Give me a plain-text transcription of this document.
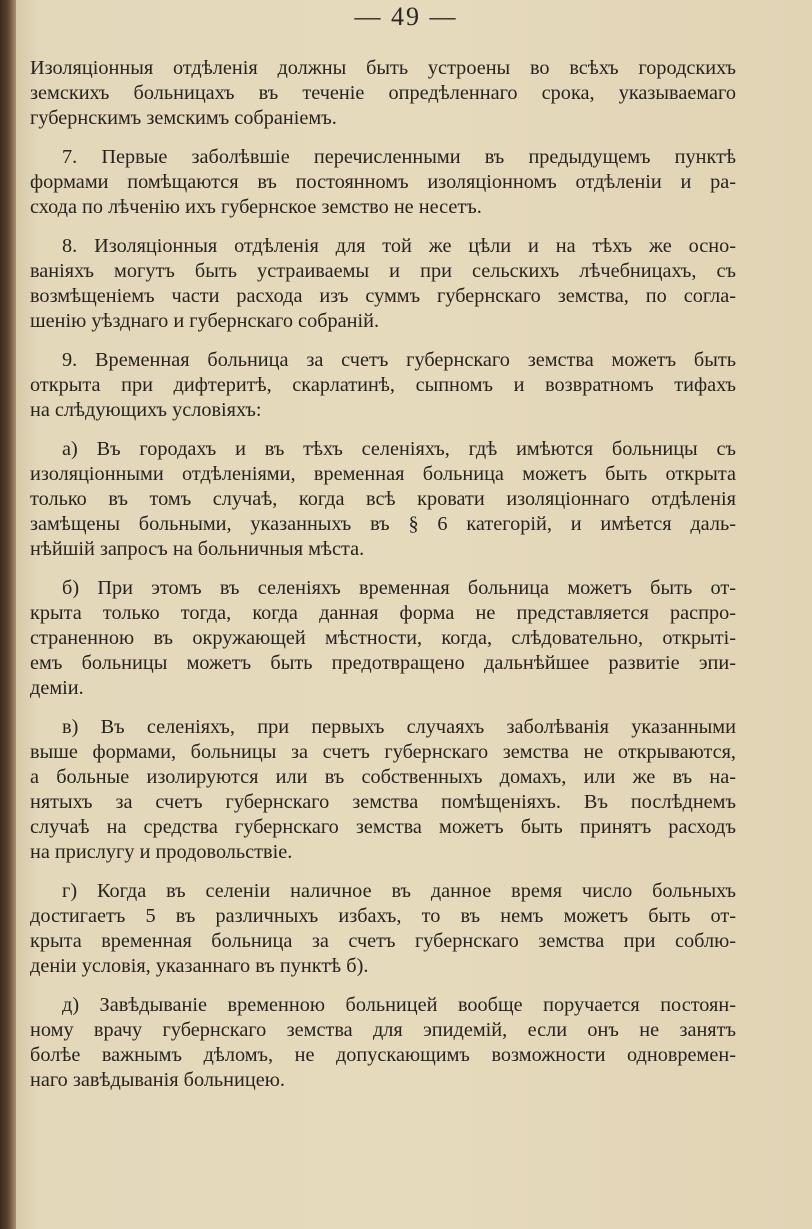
— 49 —
Изоляціонныя отдѣленія должны быть устроены во всѣхъ городскихъ
земскихъ больницахъ въ теченіе опредѣленнаго срока, указываемаго
губернскимъ земскимъ собраніемъ.
7. Первые заболѣвшіе перечисленными въ предыдущемъ пунктѣ
формами помѣщаются въ постоянномъ изоляціонномъ отдѣленіи и ра-
схода по лѣченію ихъ губернское земство не несетъ.
8. Изоляціонныя отдѣленія для той же цѣли и на тѣхъ же осно-
ваніяхъ могутъ быть устраиваемы и при сельскихъ лѣчебницахъ, съ
возмѣщеніемъ части расхода изъ суммъ губернскаго земства, по согла-
шенію уѣзднаго и губернскаго собраній.
9. Временная больница за счетъ губернскаго земства можетъ быть
открыта при дифтеритѣ, скарлатинѣ, сыпномъ и возвратномъ тифахъ
на слѣдующихъ условіяхъ:
а) Въ городахъ и въ тѣхъ селеніяхъ, гдѣ имѣются больницы съ
изоляціонными отдѣленіями, временная больница можетъ быть открыта
только въ томъ случаѣ, когда всѣ кровати изоляціоннаго отдѣленія
замѣщены больными, указанныхъ въ § 6 категорій, и имѣется даль-
нѣйшій запросъ на больничныя мѣста.
б) При этомъ въ селеніяхъ временная больница можетъ быть от-
крыта только тогда, когда данная форма не представляется распро-
страненною въ окружающей мѣстности, когда, слѣдовательно, открыті-
емъ больницы можетъ быть предотвращено дальнѣйшее развитіе эпи-
деміи.
в) Въ селеніяхъ, при первыхъ случаяхъ заболѣванія указанными
выше формами, больницы за счетъ губернскаго земства не открываются,
а больные изолируются или въ собственныхъ домахъ, или же въ на-
нятыхъ за счетъ губернскаго земства помѣщеніяхъ. Въ послѣднемъ
случаѣ на средства губернскаго земства можетъ быть принятъ расходъ
на прислугу и продовольствіе.
г) Когда въ селеніи наличное въ данное время число больныхъ
достигаетъ 5 въ различныхъ избахъ, то въ немъ можетъ быть от-
крыта временная больница за счетъ губернскаго земства при соблю-
деніи условія, указаннаго въ пунктѣ б).
д) Завѣдываніе временною больницей вообще поручается постоян-
ному врачу губернскаго земства для эпидемій, если онъ не занятъ
болѣе важнымъ дѣломъ, не допускающимъ возможности одновремен-
наго завѣдыванія больницею.
